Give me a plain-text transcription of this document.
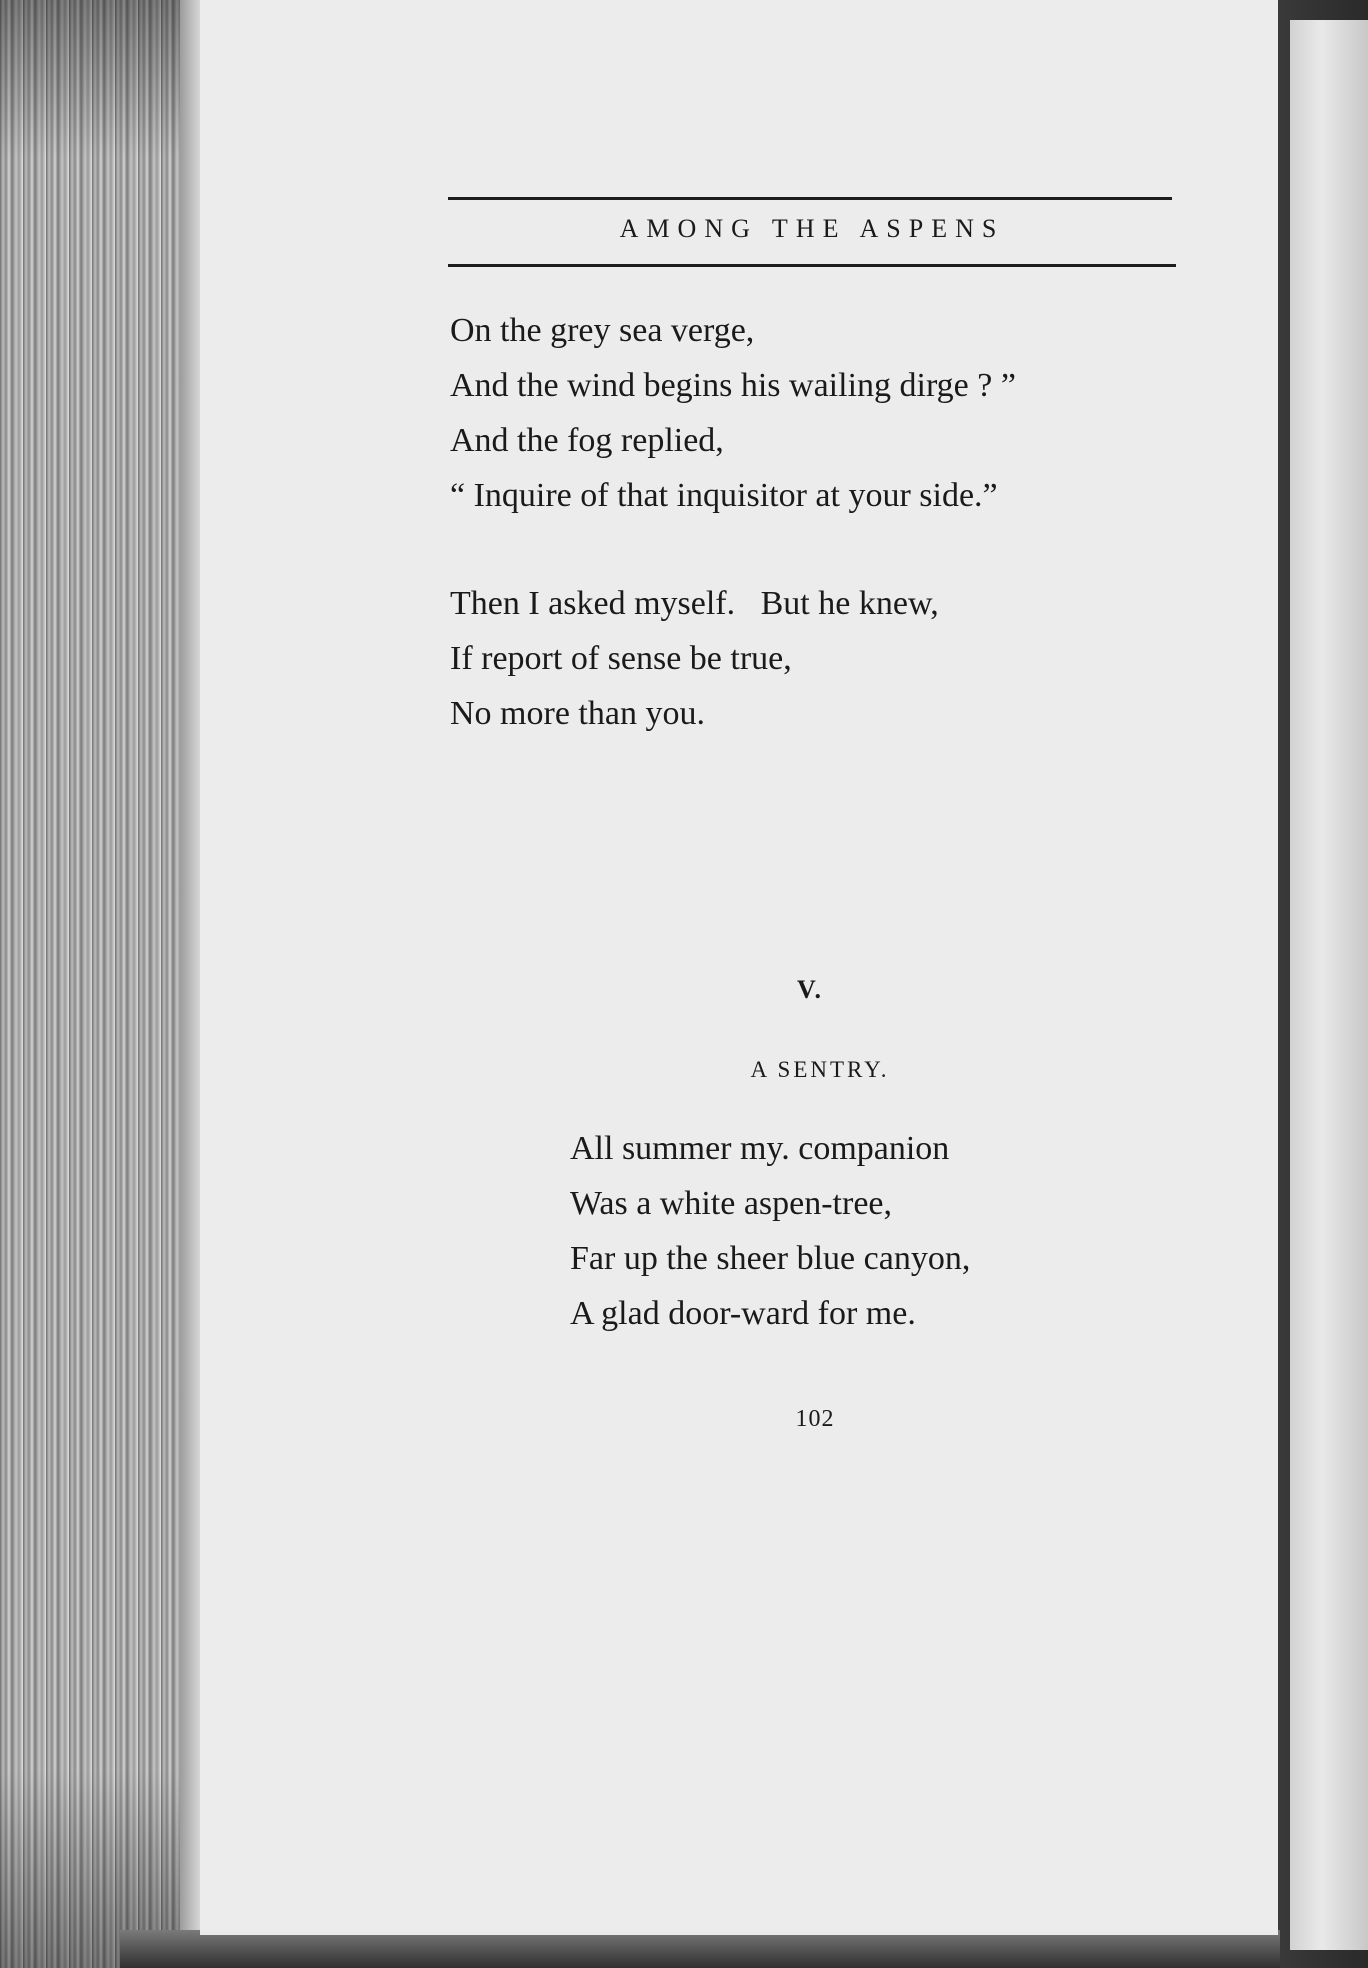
AMONG THE ASPENS
On the grey sea verge,
And the wind begins his wailing dirge ? ”
And the fog replied,
“ Inquire of that inquisitor at your side.”
Then I asked myself.   But he knew,
If report of sense be true,
No more than you.
V.
A SENTRY.
All summer my. companion
Was a white aspen-tree,
Far up the sheer blue canyon,
A glad door-ward for me.
102
